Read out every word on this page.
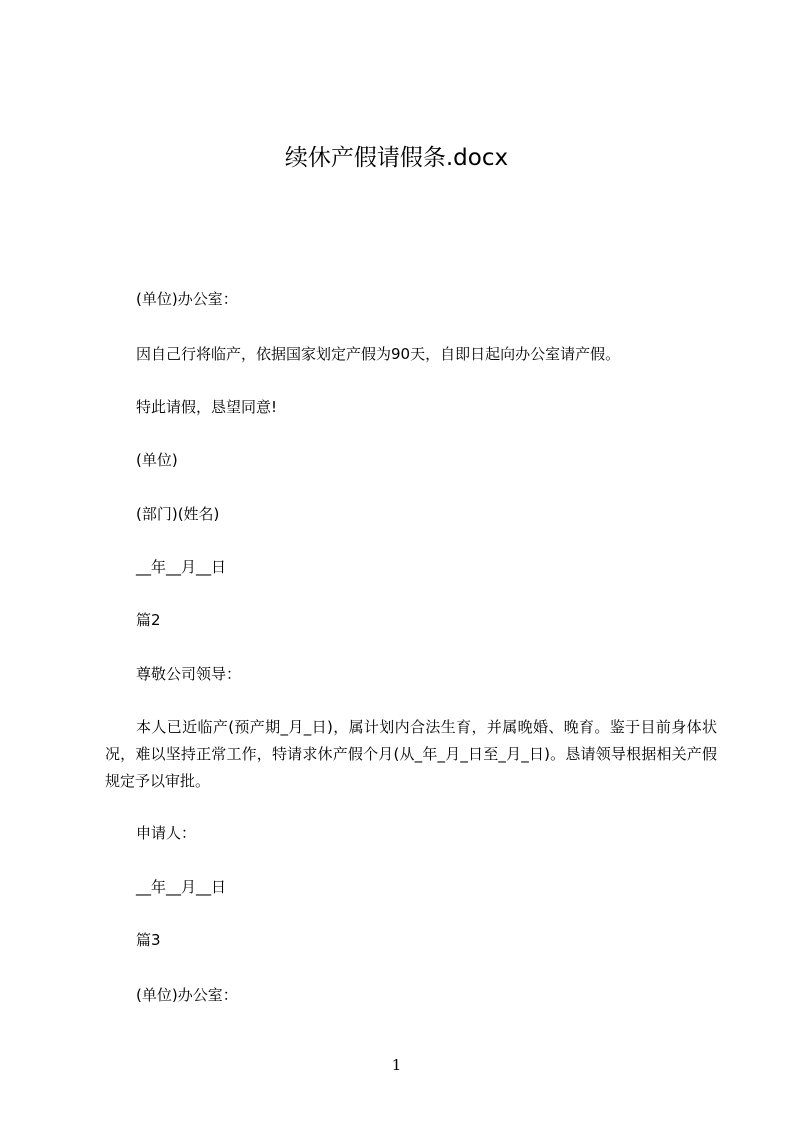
续休产假请假条.docx
(单位)办公室：
因自己行将临产，依据国家划定产假为90天，自即日起向办公室请产假。
特此请假，恳望同意!
(单位)
(部门)(姓名)
__年__月__日
篇2
尊敬公司领导：
本人已近临产(预产期_月_日)，属计划内合法生育，并属晚婚、晚育。鉴于目前身体状况，难以坚持正常工作，特请求休产假个月(从_年_月_日至_月_日)。恳请领导根据相关产假规定予以审批。
申请人：
__年__月__日
篇3
(单位)办公室：
1
